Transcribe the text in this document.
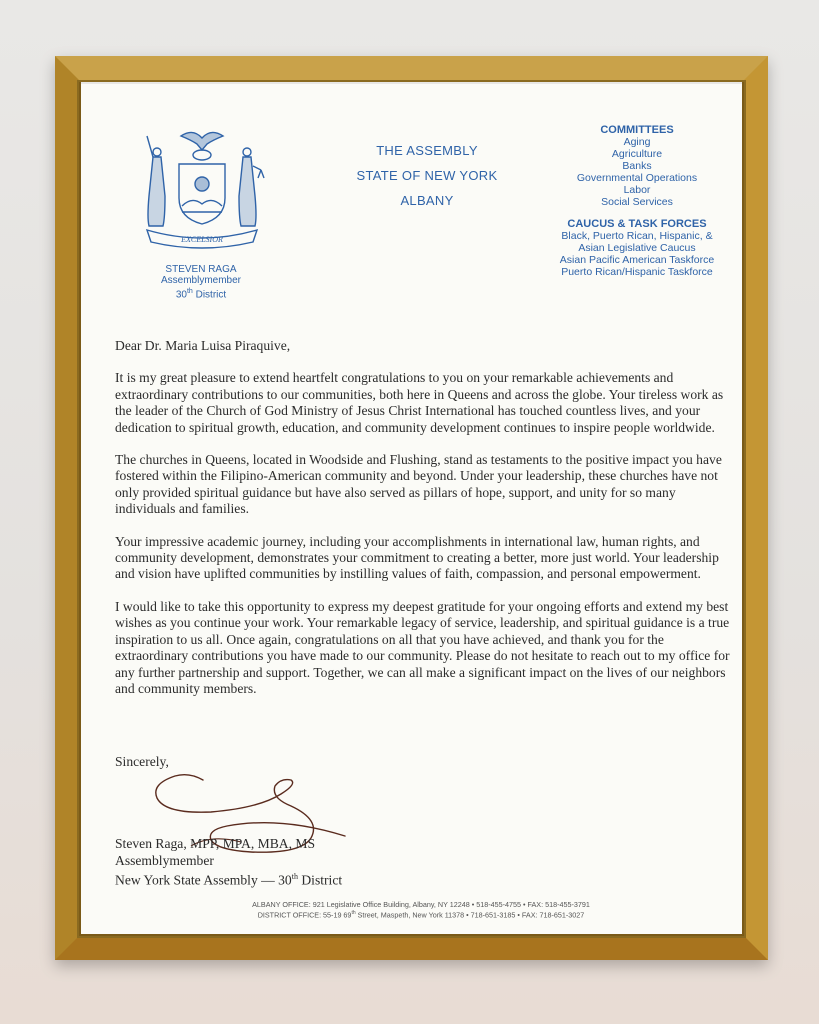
EXCELSIOR
STEVEN RAGA
Assemblymember
30th District
THE ASSEMBLY
STATE OF NEW YORK
ALBANY
COMMITTEES
Aging
Agriculture
Banks
Governmental Operations
Labor
Social Services
CAUCUS & TASK FORCES
Black, Puerto Rican, Hispanic, &
Asian Legislative Caucus
Asian Pacific American Taskforce
Puerto Rican/Hispanic Taskforce

Dear Dr. Maria Luisa Piraquive,

It is my great pleasure to extend heartfelt congratulations to you on your remarkable achievements and extraordinary contributions to our communities, both here in Queens and across the globe. Your tireless work as the leader of the Church of God Ministry of Jesus Christ International has touched countless lives, and your dedication to spiritual growth, education, and community development continues to inspire people worldwide.

The churches in Queens, located in Woodside and Flushing, stand as testaments to the positive impact you have fostered within the Filipino-American community and beyond. Under your leadership, these churches have not only provided spiritual guidance but have also served as pillars of hope, support, and unity for so many individuals and families.

Your impressive academic journey, including your accomplishments in international law, human rights, and community development, demonstrates your commitment to creating a better, more just world. Your leadership and vision have uplifted communities by instilling values of faith, compassion, and personal empowerment.

I would like to take this opportunity to express my deepest gratitude for your ongoing efforts and extend my best wishes as you continue your work. Your remarkable legacy of service, leadership, and spiritual guidance is a true inspiration to us all. Once again, congratulations on all that you have achieved, and thank you for the extraordinary contributions you have made to our community. Please do not hesitate to reach out to my office for any further partnership and support. Together, we can all make a significant impact on the lives of our neighbors and community members.

Sincerely,
Steven Raga, MPP, MPA, MBA, MS
Assemblymember
New York State Assembly — 30th District
ALBANY OFFICE: 921 Legislative Office Building, Albany, NY 12248 • 518-455-4755 • FAX: 518-455-3791
DISTRICT OFFICE: 55-19 69th Street, Maspeth, New York 11378 • 718-651-3185 • FAX: 718-651-3027
